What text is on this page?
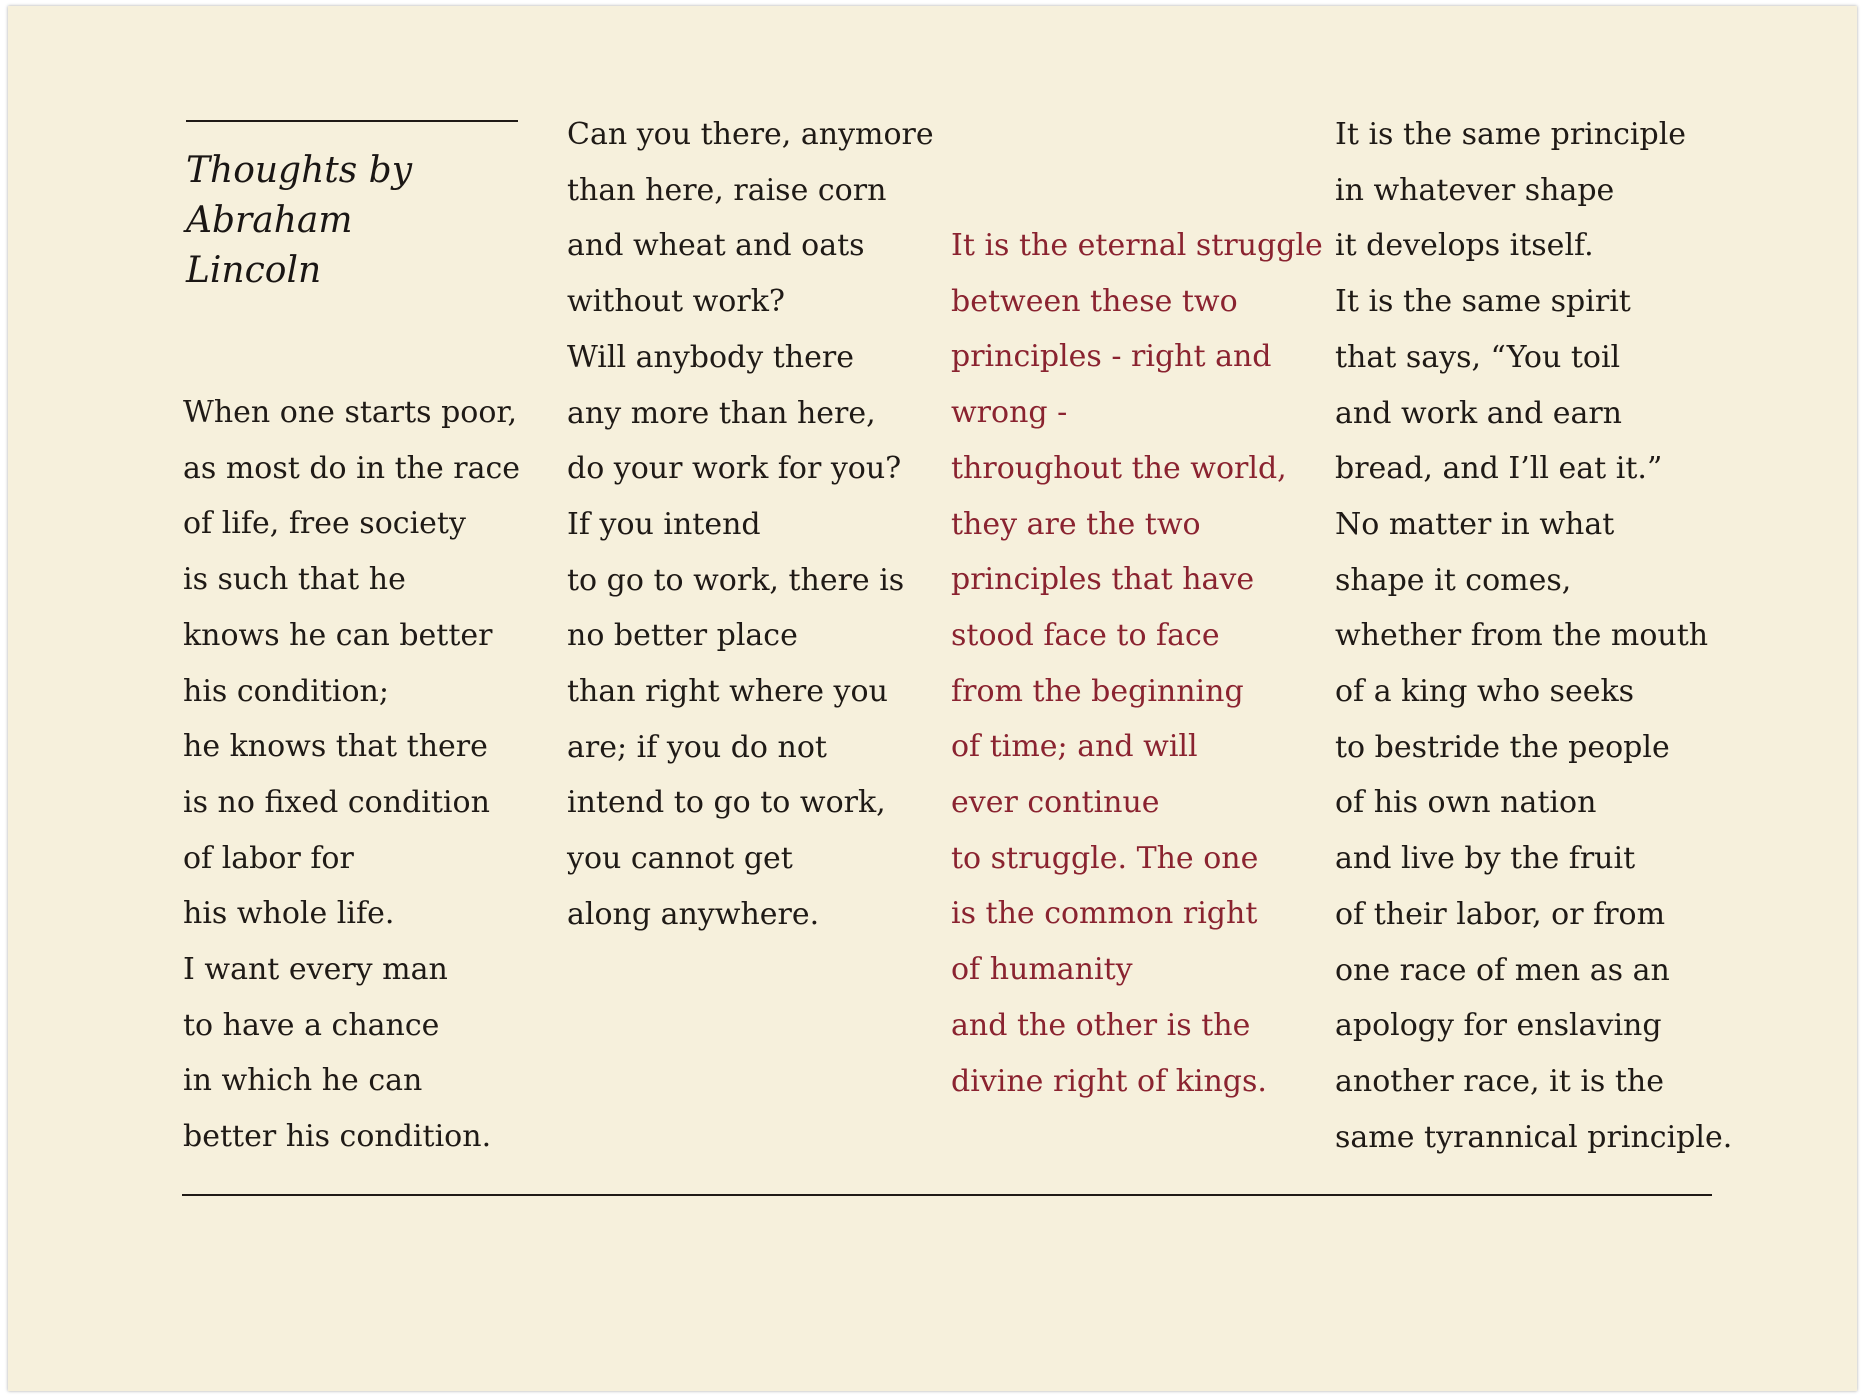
Thoughts by
Abraham
Lincoln
When one starts poor,
as most do in the race
of life, free society
is such that he
knows he can better
his condition;
he knows that there
is no fixed condition
of labor for
his whole life.
I want every man
to have a chance
in which he can
better his condition.
Can you there, anymore
than here, raise corn
and wheat and oats
without work?
Will anybody there
any more than here,
do your work for you?
If you intend
to go to work, there is
no better place
than right where you
are; if you do not
intend to go to work,
you cannot get
along anywhere.
It is the eternal struggle
between these two
principles - right and
wrong -
throughout the world,
they are the two
principles that have
stood face to face
from the beginning
of time; and will
ever continue
to struggle. The one
is the common right
of humanity
and the other is the
divine right of kings.
It is the same principle
in whatever shape
it develops itself.
It is the same spirit
that says, “You toil
and work and earn
bread, and I’ll eat it.”
No matter in what
shape it comes,
whether from the mouth
of a king who seeks
to bestride the people
of his own nation
and live by the fruit
of their labor, or from
one race of men as an
apology for enslaving
another race, it is the
same tyrannical principle.
